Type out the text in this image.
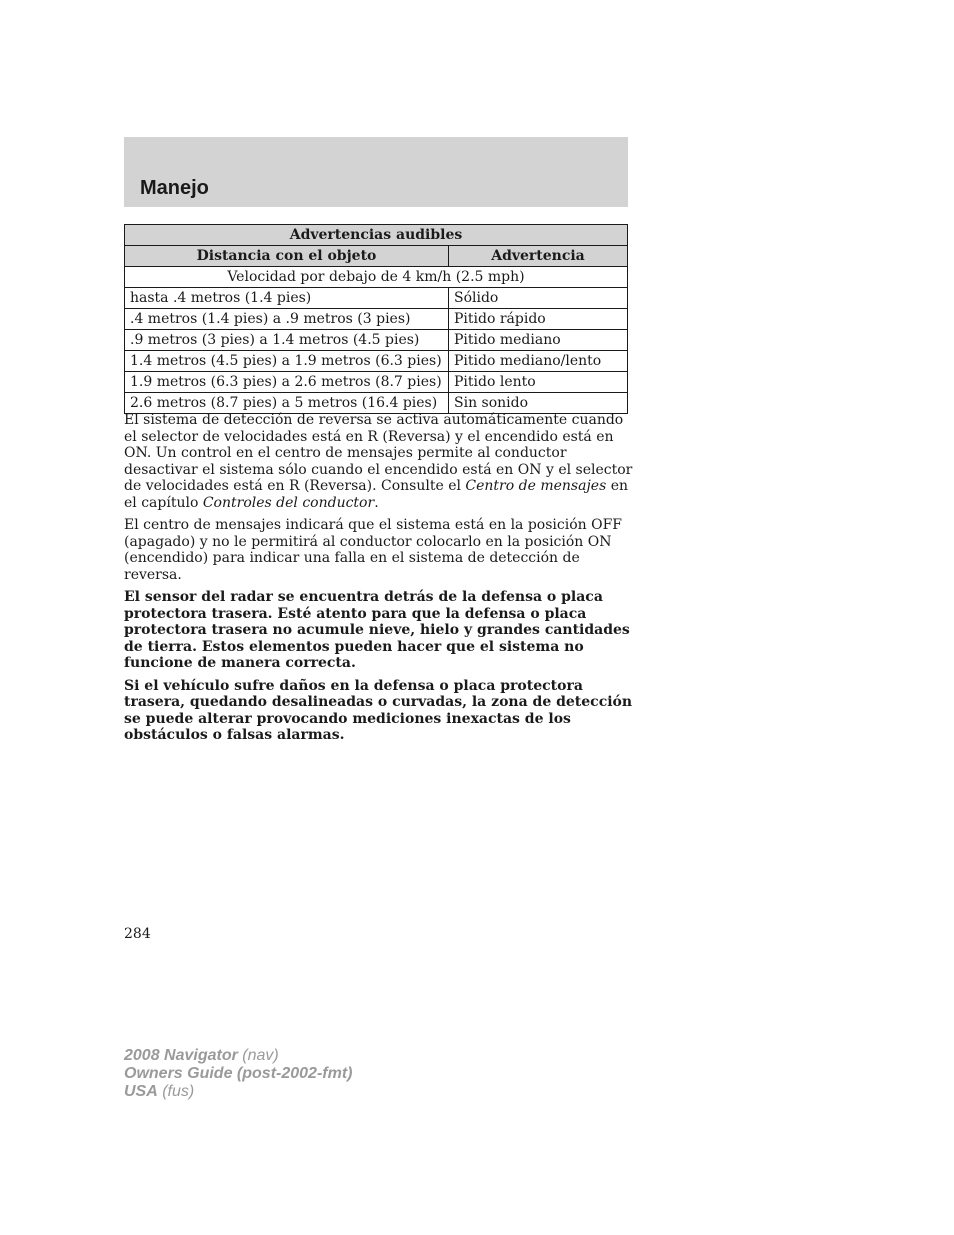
Manejo
Advertencias audibles	
Distancia con el objeto	Advertencia
Velocidad por debajo de 4 km/h (2.5 mph)	
hasta .4 metros (1.4 pies)	Sólido
.4 metros (1.4 pies) a .9 metros (3 pies)	Pitido rápido
.9 metros (3 pies) a 1.4 metros (4.5 pies)	Pitido mediano
1.4 metros (4.5 pies) a 1.9 metros (6.3 pies)	Pitido mediano/lento
1.9 metros (6.3 pies) a 2.6 metros (8.7 pies)	Pitido lento
2.6 metros (8.7 pies) a 5 metros (16.4 pies)	Sin sonido

El sistema de detección de reversa se activa automáticamente cuando el selector de velocidades está en R (Reversa) y el encendido está en ON. Un control en el centro de mensajes permite al conductor desactivar el sistema sólo cuando el encendido está en ON y el selector de velocidades está en R (Reversa). Consulte el Centro de mensajes en el capítulo Controles del conductor.

El centro de mensajes indicará que el sistema está en la posición OFF (apagado) y no le permitirá al conductor colocarlo en la posición ON (encendido) para indicar una falla en el sistema de detección de reversa.

El sensor del radar se encuentra detrás de la defensa o placa protectora trasera. Esté atento para que la defensa o placa protectora trasera no acumule nieve, hielo y grandes cantidades de tierra. Estos elementos pueden hacer que el sistema no funcione de manera correcta.

Si el vehículo sufre daños en la defensa o placa protectora trasera, quedando desalineadas o curvadas, la zona de detección se puede alterar provocando mediciones inexactas de los obstáculos o falsas alarmas.

284
2008 Navigator (nav)
Owners Guide (post-2002-fmt)
USA (fus)
